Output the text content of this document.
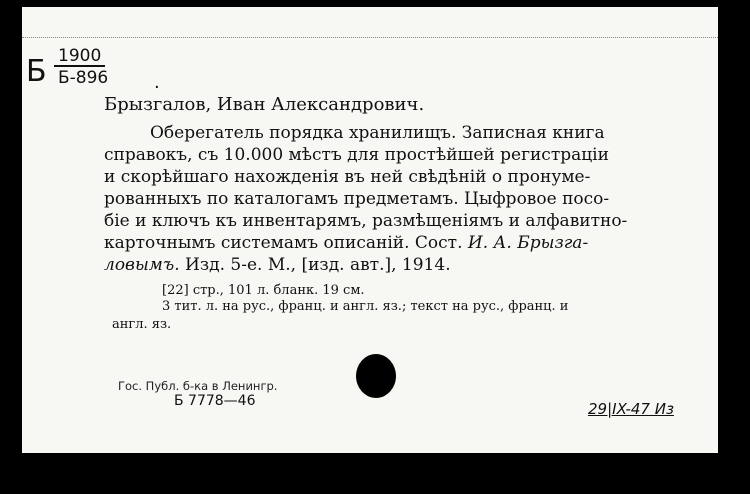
Б 1900
Б-896	.
Брызгалов, Иван Александрович.
Оберегатель порядка хранилищъ. Записная книга
справокъ, съ 10.000 мѣстъ для простѣйшей регистраціи
и скорѣйшаго нахожденія въ ней свѣдѣній о пронуме-
рованныхъ по каталогамъ предметамъ. Цыфровое посо-
біе и ключъ къ инвентарямъ, размѣщеніямъ и алфавитно-
карточнымъ системамъ описаній. Сост. И. А. Брызга-
ловымъ. Изд. 5-е. М., [изд. авт.], 1914.
[22] стр., 101 л. бланк. 19 см.
3 тит. л. на рус., франц. и англ. яз.; текст на рус., франц. и
англ. яз.
Гос. Публ. б-ка в Ленингр.
Б 7778—46	29|IX-47 Из
